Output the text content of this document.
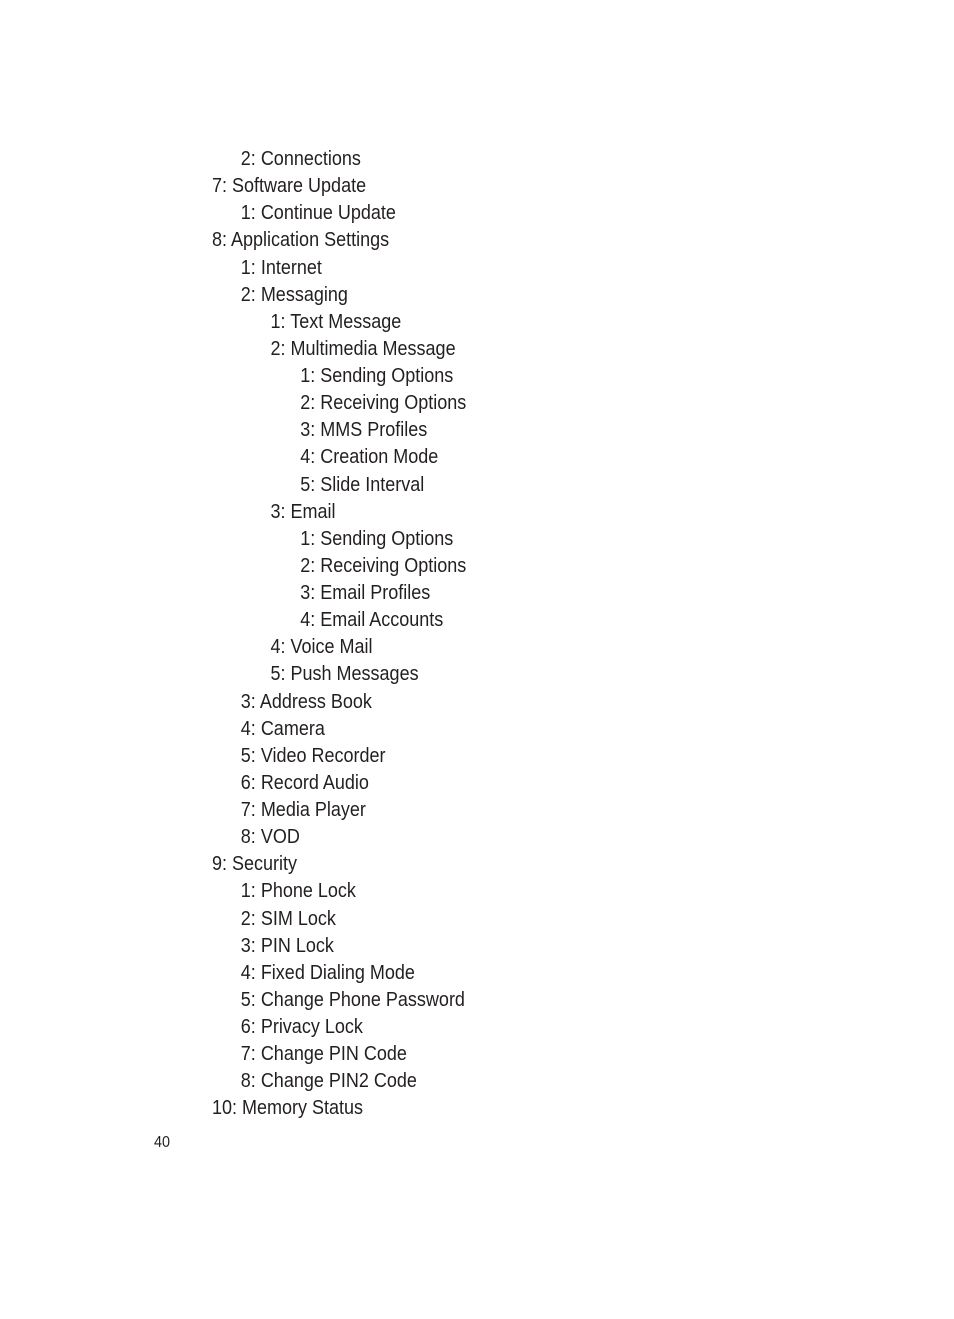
2: Connections
7: Software Update
1: Continue Update
8: Application Settings
1: Internet
2: Messaging
1: Text Message
2: Multimedia Message
1: Sending Options
2: Receiving Options
3: MMS Profiles
4: Creation Mode
5: Slide Interval
3: Email
1: Sending Options
2: Receiving Options
3: Email Profiles
4: Email Accounts
4: Voice Mail
5: Push Messages
3: Address Book
4: Camera
5: Video Recorder
6: Record Audio
7: Media Player
8: VOD
9: Security
1: Phone Lock
2: SIM Lock
3: PIN Lock
4: Fixed Dialing Mode
5: Change Phone Password
6: Privacy Lock
7: Change PIN Code
8: Change PIN2 Code
10: Memory Status
40
